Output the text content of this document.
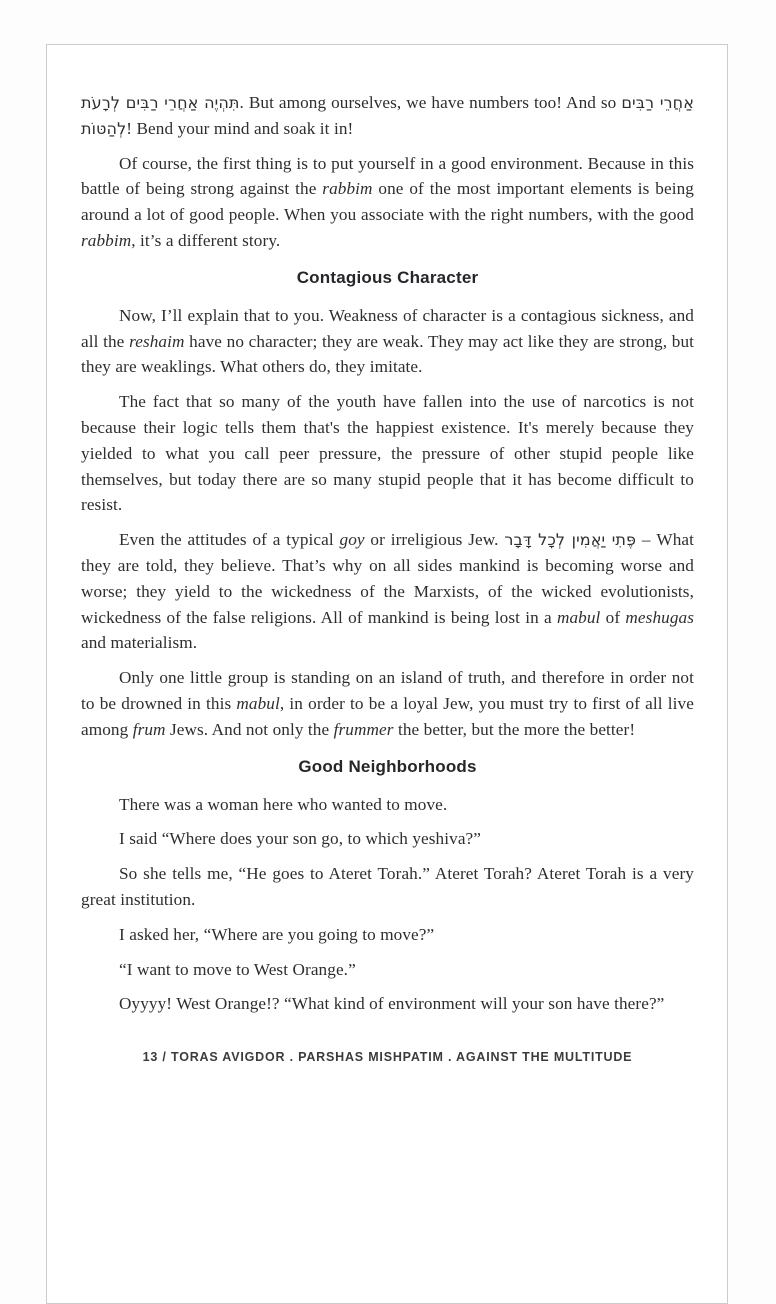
תִּהְיֶה אַחֲרֵי רַבִּים לְרָעֹת. But among ourselves, we have numbers too! And so אַחֲרֵי רַבִּים לְהַטּוֹת! Bend your mind and soak it in!

Of course, the first thing is to put yourself in a good environment. Because in this battle of being strong against the rabbim one of the most important elements is being around a lot of good people. When you associate with the right numbers, with the good rabbim, it’s a different story.

Contagious Character

Now, I’ll explain that to you. Weakness of character is a contagious sickness, and all the reshaim have no character; they are weak. They may act like they are strong, but they are weaklings. What others do, they imitate.

The fact that so many of the youth have fallen into the use of narcotics is not because their logic tells them that's the happiest existence. It's merely because they yielded to what you call peer pressure, the pressure of other stupid people like themselves, but today there are so many stupid people that it has become difficult to resist.

Even the attitudes of a typical goy or irreligious Jew. פֶּתִי יַאֲמִין לְכָל דָּבָר – What they are told, they believe. That’s why on all sides mankind is becoming worse and worse; they yield to the wickedness of the Marxists, of the wicked evolutionists, wickedness of the false religions. All of mankind is being lost in a mabul of meshugas and materialism.

Only one little group is standing on an island of truth, and therefore in order not to be drowned in this mabul, in order to be a loyal Jew, you must try to first of all live among frum Jews. And not only the frummer the better, but the more the better!

Good Neighborhoods

There was a woman here who wanted to move.

I said “Where does your son go, to which yeshiva?”

So she tells me, “He goes to Ateret Torah.” Ateret Torah? Ateret Torah is a very great institution.

I asked her, “Where are you going to move?”

“I want to move to West Orange.”

Oyyyy! West Orange!? “What kind of environment will your son have there?”

13 / TORAS AVIGDOR . PARSHAS MISHPATIM . AGAINST THE MULTITUDE
